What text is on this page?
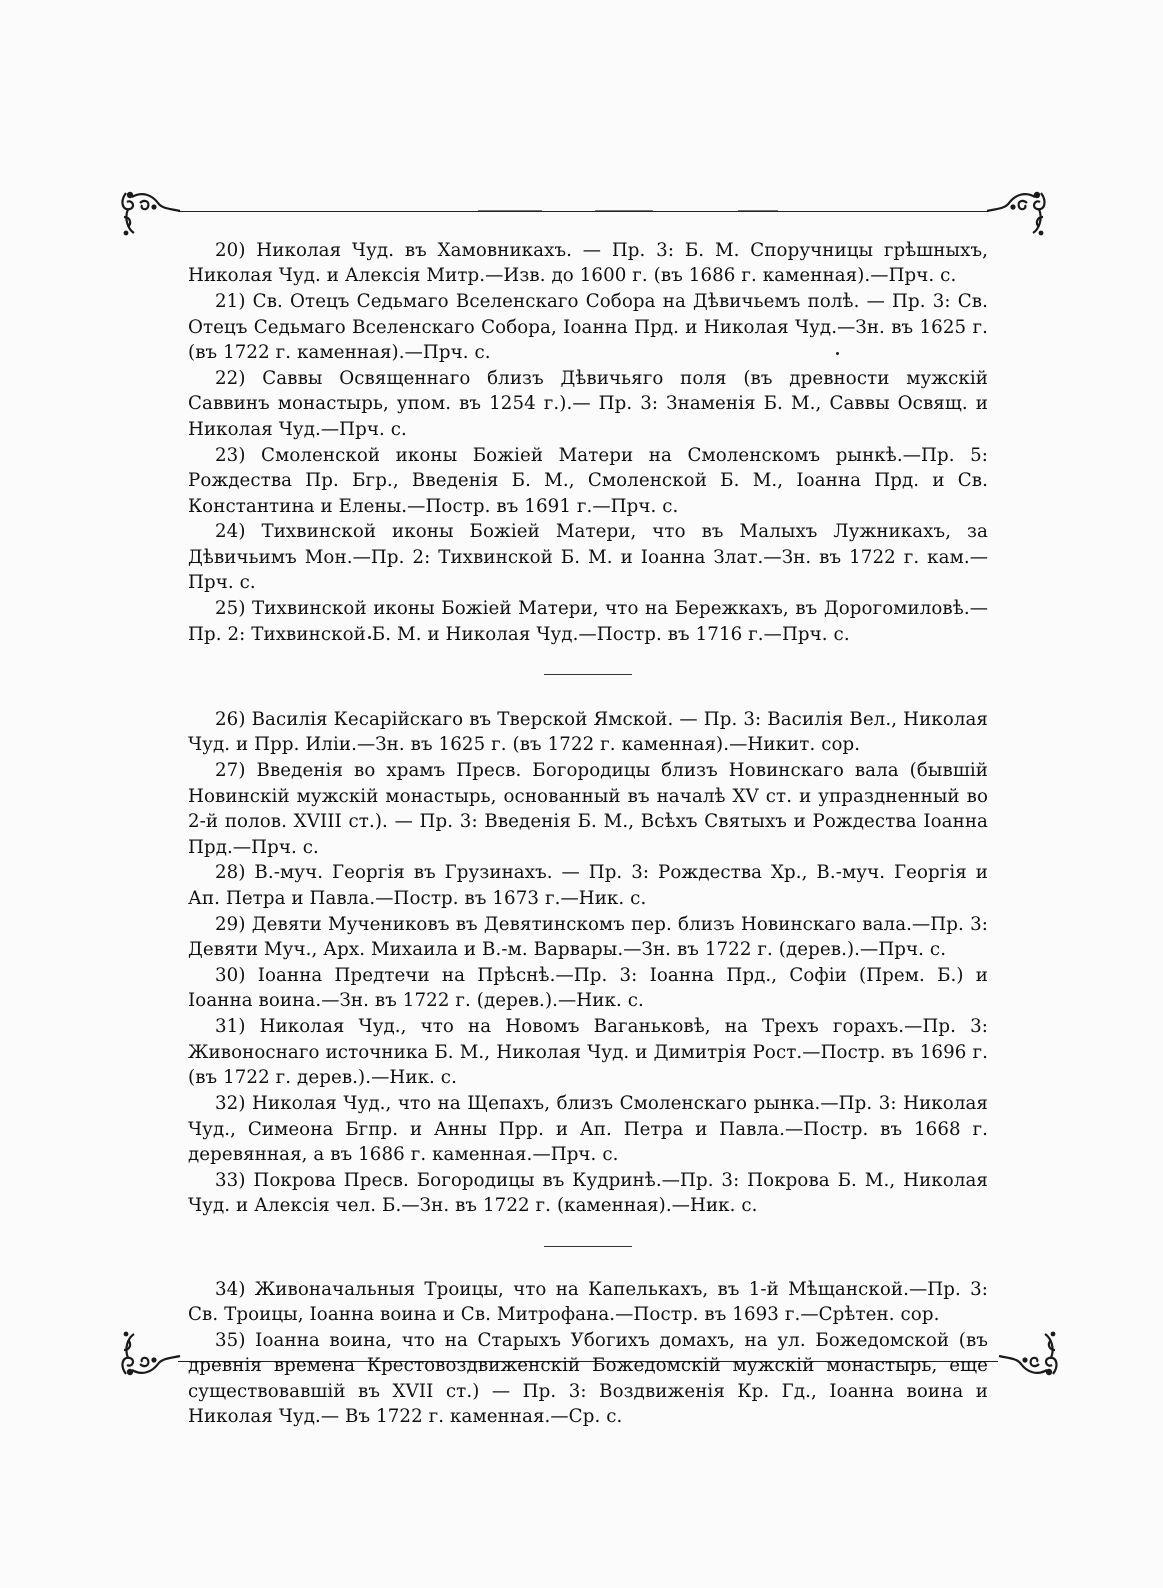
20) Николая Чуд. въ Хамовникахъ. — Пр. 3: Б. М. Споручницы грѣшныхъ, Николая Чуд. и Алексія Митр.—Изв. до 1600 г. (въ 1686 г. каменная).—Прч. с.

21) Св. Отецъ Седьмаго Вселенскаго Собора на Дѣвичьемъ полѣ. — Пр. 3: Св. Отецъ Седьмаго Вселенскаго Собора, Іоанна Прд. и Николая Чуд.—Зн. въ 1625 г. (въ 1722 г. каменная).—Прч. с.

22) Саввы Освященнаго близъ Дѣвичьяго поля (въ древности мужскій Саввинъ монастырь, упом. въ 1254 г.).— Пр. 3: Знаменія Б. М., Саввы Освящ. и Николая Чуд.—Прч. с.

23) Смоленской иконы Божіей Матери на Смоленскомъ рынкѣ.—Пр. 5: Рождества Пр. Бгр., Введенія Б. М., Смоленской Б. М., Іоанна Прд. и Св. Константина и Елены.—Постр. въ 1691 г.—Прч. с.

24) Тихвинской иконы Божіей Матери, что въ Малыхъ Лужникахъ, за Дѣвичьимъ Мон.—Пр. 2: Тихвинской Б. М. и Іоанна Злат.—Зн. въ 1722 г. кам.—Прч. с.

25) Тихвинской иконы Божіей Матери, что на Бережкахъ, въ Дорогомиловѣ.— Пр. 2: Тихвинской Б. М. и Николая Чуд.—Постр. въ 1716 г.—Прч. с.

26) Василія Кесарійскаго въ Тверской Ямской. — Пр. 3: Василія Вел., Николая Чуд. и Прр. Иліи.—Зн. въ 1625 г. (въ 1722 г. каменная).—Никит. сор.

27) Введенія во храмъ Пресв. Богородицы близъ Новинскаго вала (бывшій Новинскій мужскій монастырь, основанный въ началѣ XV ст. и упраздненный во 2-й полов. XVIII ст.). — Пр. 3: Введенія Б. М., Всѣхъ Святыхъ и Рождества Іоанна Прд.—Прч. с.

28) В.-муч. Георгія въ Грузинахъ. — Пр. 3: Рождества Хр., В.-муч. Георгія и Ап. Петра и Павла.—Постр. въ 1673 г.—Ник. с.

29) Девяти Мучениковъ въ Девятинскомъ пер. близъ Новинскаго вала.—Пр. 3: Девяти Муч., Арх. Михаила и В.-м. Варвары.—Зн. въ 1722 г. (дерев.).—Прч. с.

30) Іоанна Предтечи на Прѣснѣ.—Пр. 3: Іоанна Прд., Софіи (Прем. Б.) и Іоанна воина.—Зн. въ 1722 г. (дерев.).—Ник. с.

31) Николая Чуд., что на Новомъ Ваганьковѣ, на Трехъ горахъ.—Пр. 3: Живоноснаго источника Б. М., Николая Чуд. и Димитрія Рост.—Постр. въ 1696 г. (въ 1722 г. дерев.).—Ник. с.

32) Николая Чуд., что на Щепахъ, близъ Смоленскаго рынка.—Пр. 3: Николая Чуд., Симеона Бгпр. и Анны Прр. и Ап. Петра и Павла.—Постр. въ 1668 г. деревянная, а въ 1686 г. каменная.—Прч. с.

33) Покрова Пресв. Богородицы въ Кудринѣ.—Пр. 3: Покрова Б. М., Николая Чуд. и Алексія чел. Б.—Зн. въ 1722 г. (каменная).—Ник. с.

34) Живоначальныя Троицы, что на Капелькахъ, въ 1-й Мѣщанской.—Пр. 3: Св. Троицы, Іоанна воина и Св. Митрофана.—Постр. въ 1693 г.—Срѣтен. сор.

35) Іоанна воина, что на Старыхъ Убогихъ домахъ, на ул. Божедомской (въ древнія времена Крестовоздвиженскій Божедомскій мужскій монастырь, еще существовавшій въ XVII ст.) — Пр. 3: Воздвиженія Кр. Гд., Іоанна воина и Николая Чуд.— Въ 1722 г. каменная.—Ср. с.
